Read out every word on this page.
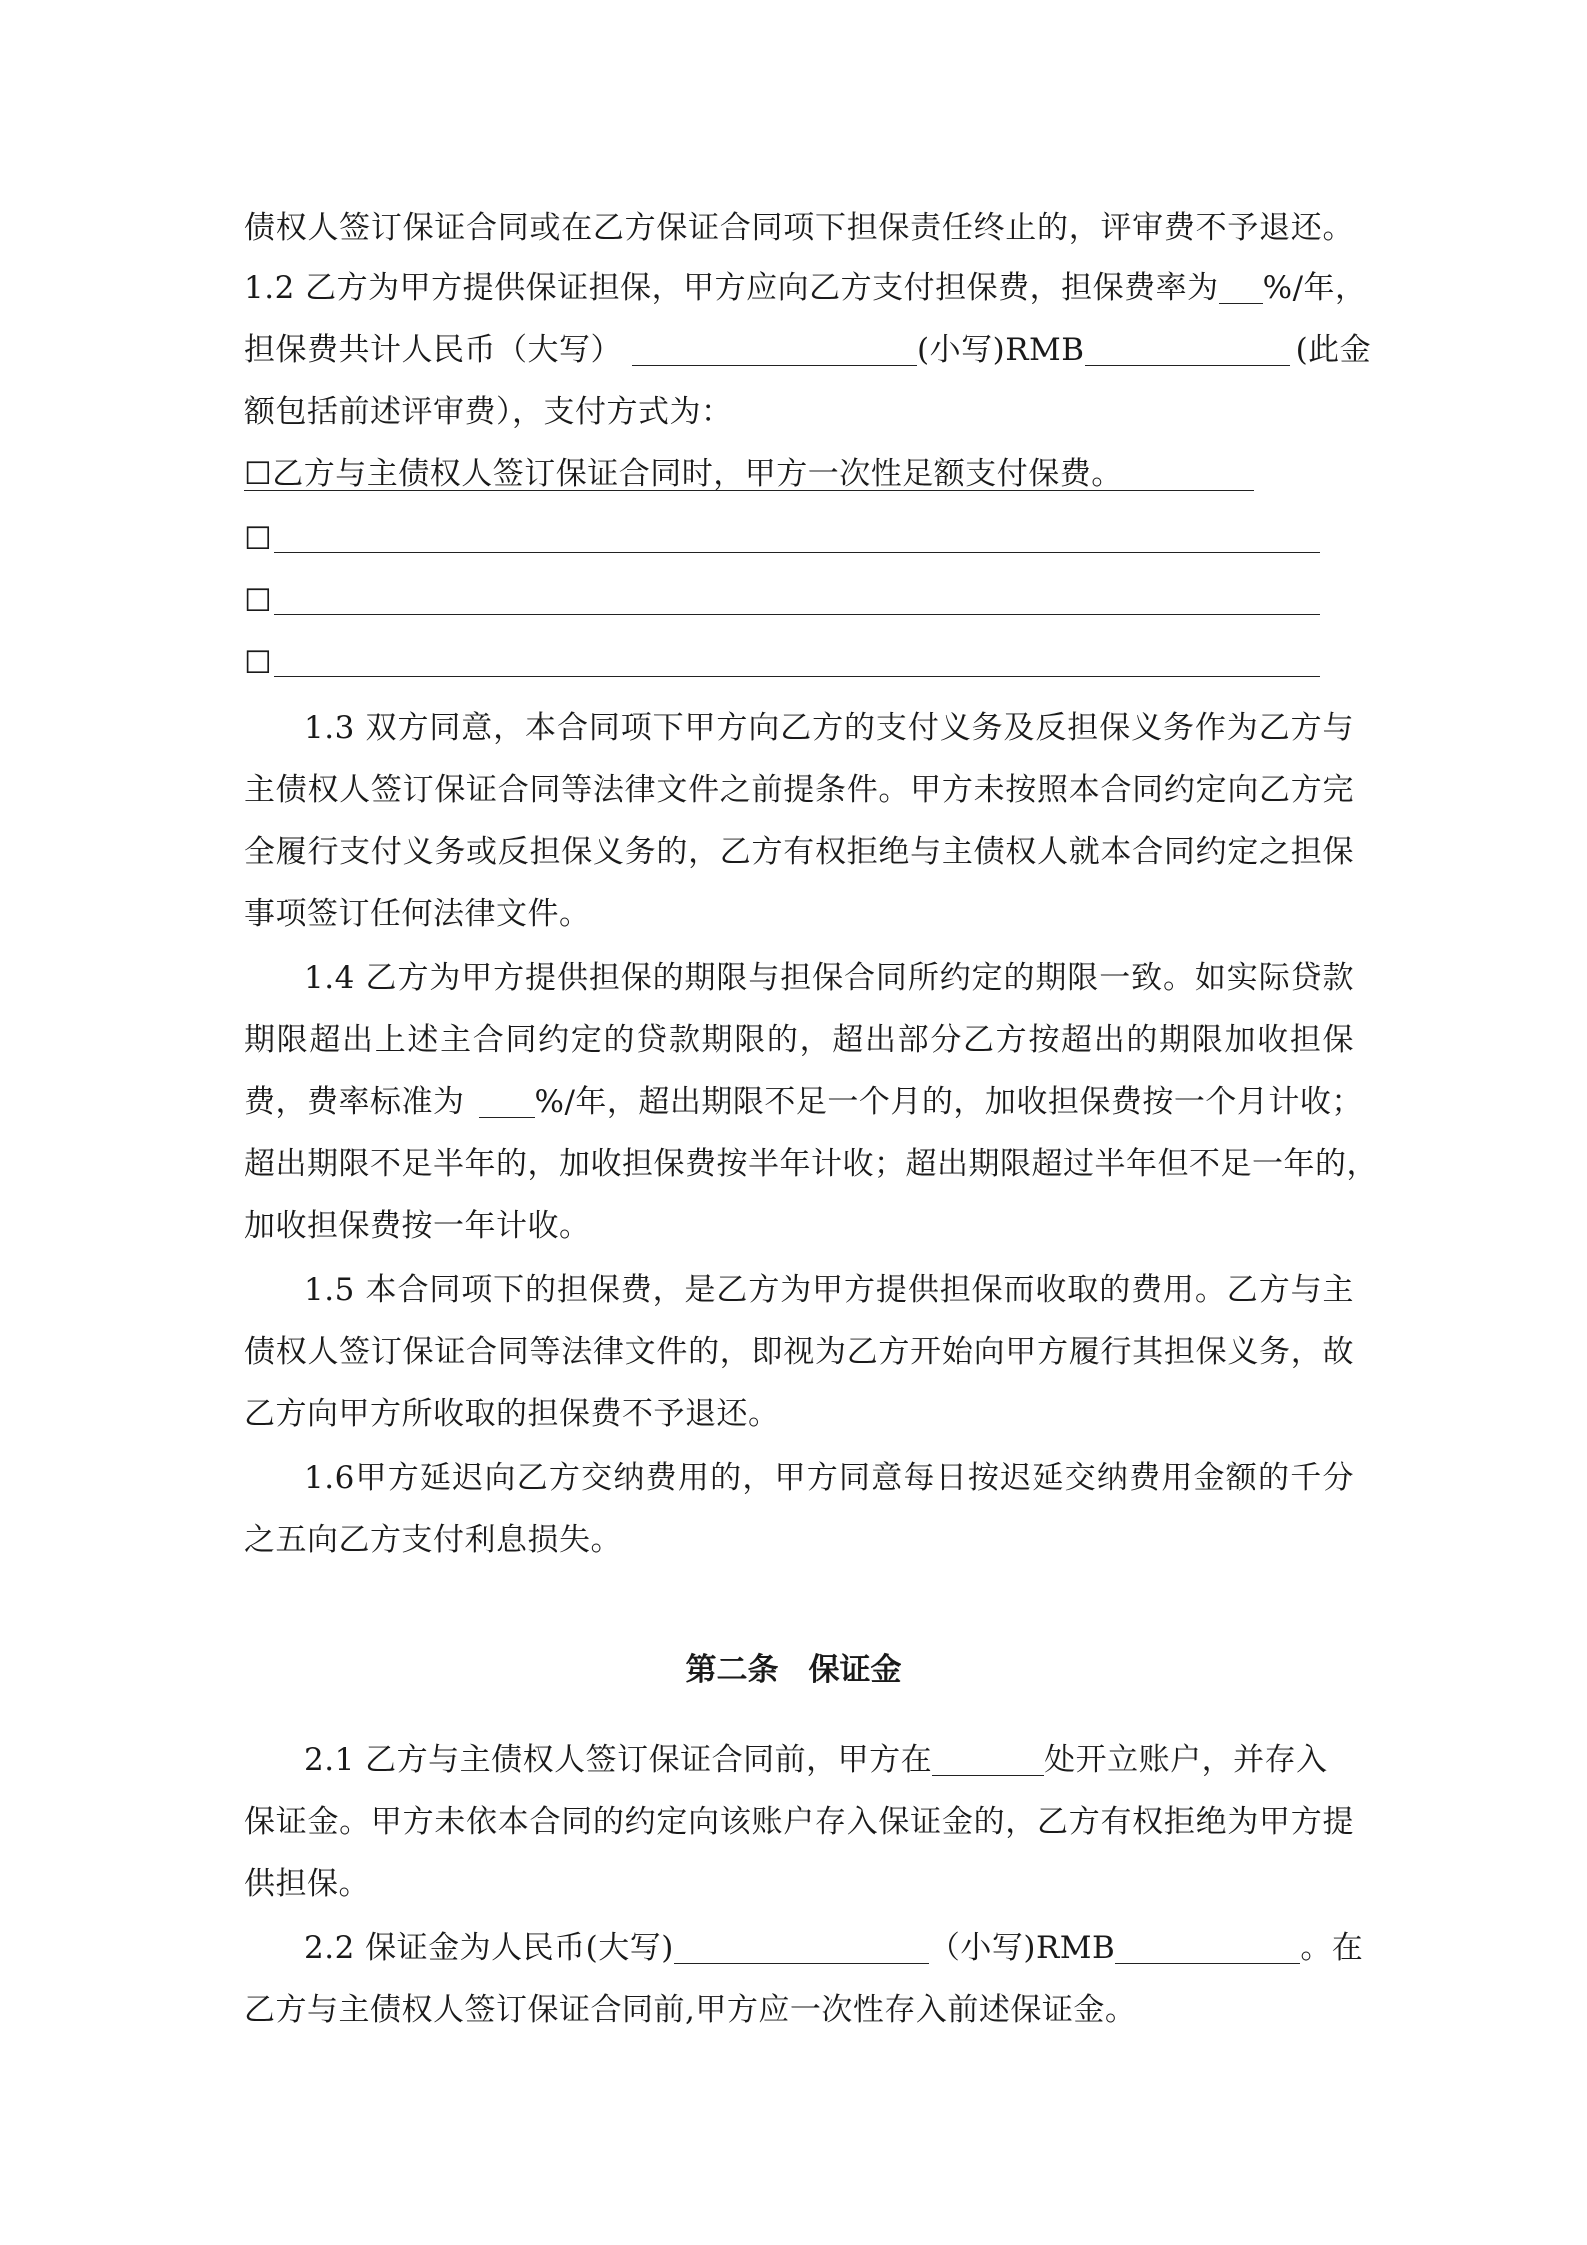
债权人签订保证合同或在乙方保证合同项下担保责任终止的，评审费不予退还。
1.2 乙方为甲方提供保证担保，甲方应向乙方支付担保费，担保费率为 %/年，
担保费共计人民币（大写）	(小写)RMB	(此金
额包括前述评审费），支付方式为：
☐乙方与主债权人签订保证合同时，甲方一次性足额支付保费。
☐
☐
☐
1.3 双方同意，本合同项下甲方向乙方的支付义务及反担保义务作为乙方与
主债权人签订保证合同等法律文件之前提条件。甲方未按照本合同约定向乙方完
全履行支付义务或反担保义务的，乙方有权拒绝与主债权人就本合同约定之担保
事项签订任何法律文件。
1.4 乙方为甲方提供担保的期限与担保合同所约定的期限一致。如实际贷款
期限超出上述主合同约定的贷款期限的，超出部分乙方按超出的期限加收担保
费，费率标准为 %/年，超出期限不足一个月的，加收担保费按一个月计收；
超出期限不足半年的，加收担保费按半年计收；超出期限超过半年但不足一年的，
加收担保费按一年计收。
1.5 本合同项下的担保费，是乙方为甲方提供担保而收取的费用。乙方与主
债权人签订保证合同等法律文件的，即视为乙方开始向甲方履行其担保义务，故
乙方向甲方所收取的担保费不予退还。
1.6甲方延迟向乙方交纳费用的，甲方同意每日按迟延交纳费用金额的千分
之五向乙方支付利息损失。
第二条 保证金
2.1 乙方与主债权人签订保证合同前，甲方在	处开立账户，并存入
保证金。甲方未依本合同的约定向该账户存入保证金的，乙方有权拒绝为甲方提
供担保。
2.2 保证金为人民币(大写)	（小写)RMB	。在
乙方与主债权人签订保证合同前,甲方应一次性存入前述保证金。
